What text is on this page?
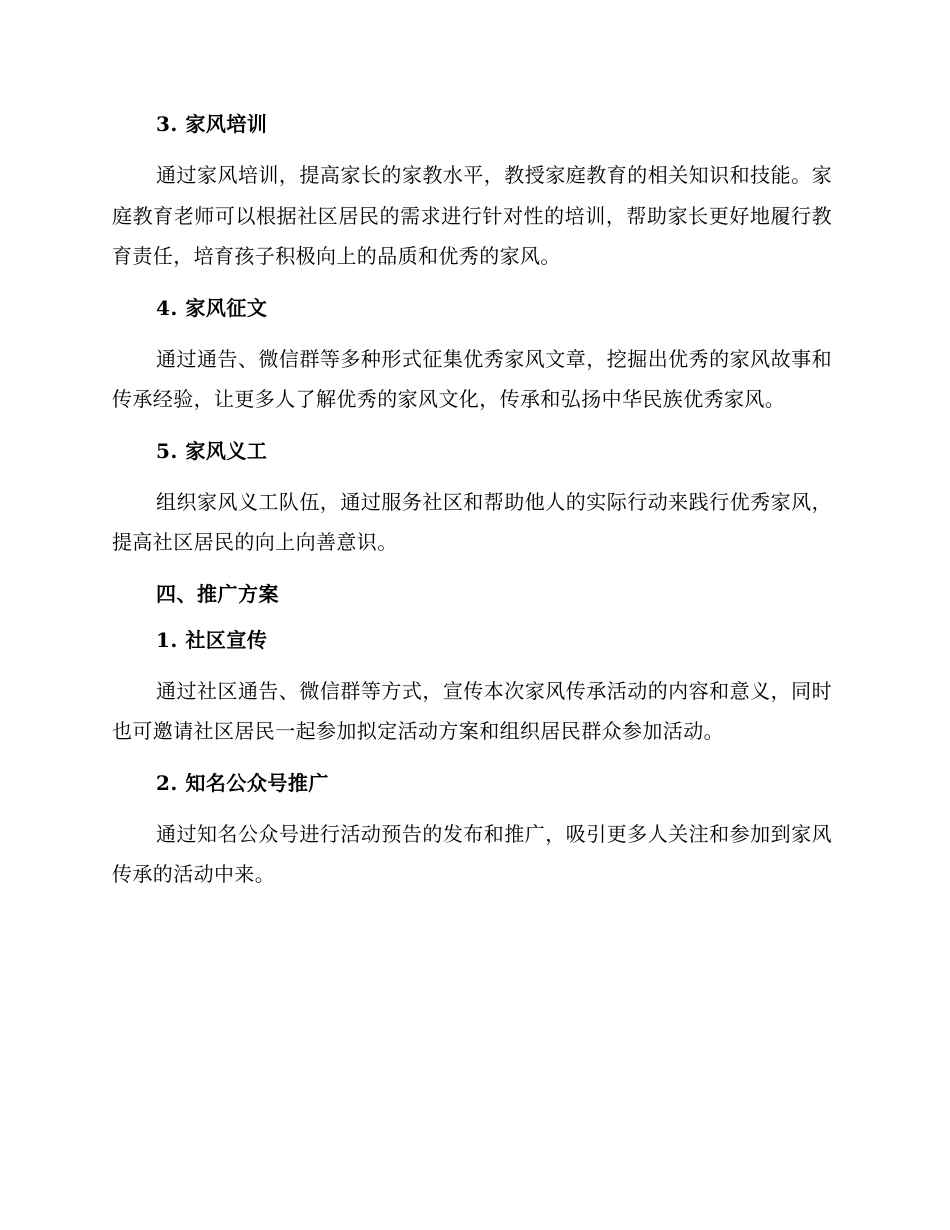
3. 家风培训

通过家风培训，提高家长的家教水平，教授家庭教育的相关知识和技能。家庭教育老师可以根据社区居民的需求进行针对性的培训，帮助家长更好地履行教育责任，培育孩子积极向上的品质和优秀的家风。

4. 家风征文

通过通告、微信群等多种形式征集优秀家风文章，挖掘出优秀的家风故事和传承经验，让更多人了解优秀的家风文化，传承和弘扬中华民族优秀家风。

5. 家风义工

组织家风义工队伍，通过服务社区和帮助他人的实际行动来践行优秀家风，提高社区居民的向上向善意识。

四、推广方案
1. 社区宣传

通过社区通告、微信群等方式，宣传本次家风传承活动的内容和意义，同时也可邀请社区居民一起参加拟定活动方案和组织居民群众参加活动。

2. 知名公众号推广

通过知名公众号进行活动预告的发布和推广，吸引更多人关注和参加到家风传承的活动中来。
